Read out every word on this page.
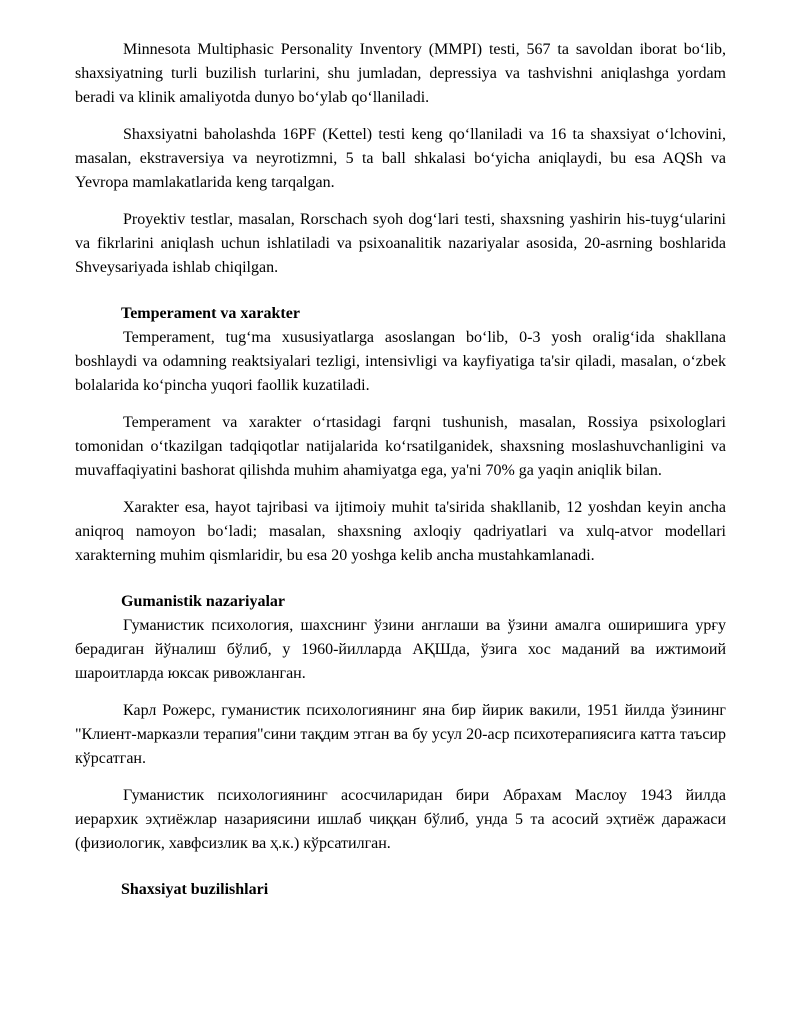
Minnesota Multiphasic Personality Inventory (MMPI) testi, 567 ta savoldan iborat bo‘lib, shaxsiyatning turli buzilish turlarini, shu jumladan, depressiya va tashvishni aniqlashga yordam beradi va klinik amaliyotda dunyo bo‘ylab qo‘llaniladi.

Shaxsiyatni baholashda 16PF (Kettel) testi keng qo‘llaniladi va 16 ta shaxsiyat o‘lchovini, masalan, ekstraversiya va neyrotizmni, 5 ta ball shkalasi bo‘yicha aniqlaydi, bu esa AQSh va Yevropa mamlakatlarida keng tarqalgan.

Proyektiv testlar, masalan, Rorschach syoh dog‘lari testi, shaxsning yashirin his-tuyg‘ularini va fikrlarini aniqlash uchun ishlatiladi va psixoanalitik nazariyalar asosida, 20-asrning boshlarida Shveysariyada ishlab chiqilgan.

Temperament va xarakter

Temperament, tug‘ma xususiyatlarga asoslangan bo‘lib, 0-3 yosh oralig‘ida shakllana boshlaydi va odamning reaktsiyalari tezligi, intensivligi va kayfiyatiga ta'sir qiladi, masalan, o‘zbek bolalarida ko‘pincha yuqori faollik kuzatiladi.

Temperament va xarakter o‘rtasidagi farqni tushunish, masalan, Rossiya psixologlari tomonidan o‘tkazilgan tadqiqotlar natijalarida ko‘rsatilganidek, shaxsning moslashuvchanligini va muvaffaqiyatini bashorat qilishda muhim ahamiyatga ega, ya'ni 70% ga yaqin aniqlik bilan.

Xarakter esa, hayot tajribasi va ijtimoiy muhit ta'sirida shakllanib, 12 yoshdan keyin ancha aniqroq namoyon bo‘ladi; masalan, shaxsning axloqiy qadriyatlari va xulq-atvor modellari xarakterning muhim qismlaridir, bu esa 20 yoshga kelib ancha mustahkamlanadi.

Gumanistik nazariyalar

Гуманистик психология, шахснинг ўзини англаши ва ўзини амалга оширишига урғу берадиган йўналиш бўлиб, у 1960-йилларда АҚШда, ўзига хос маданий ва ижтимоий шароитларда юксак ривожланган.

Карл Рожерс, гуманистик психологиянинг яна бир йирик вакили, 1951 йилда ўзининг "Клиент-марказли терапия"сини тақдим этган ва бу усул 20-аср психотерапиясига катта таъсир кўрсатган.

Гуманистик психологиянинг асосчиларидан бири Абрахам Маслоу 1943 йилда иерархик эҳтиёжлар назариясини ишлаб чиққан бўлиб, унда 5 та асосий эҳтиёж даражаси (физиологик, хавфсизлик ва ҳ.к.) кўрсатилган.

Shaxsiyat buzilishlari
